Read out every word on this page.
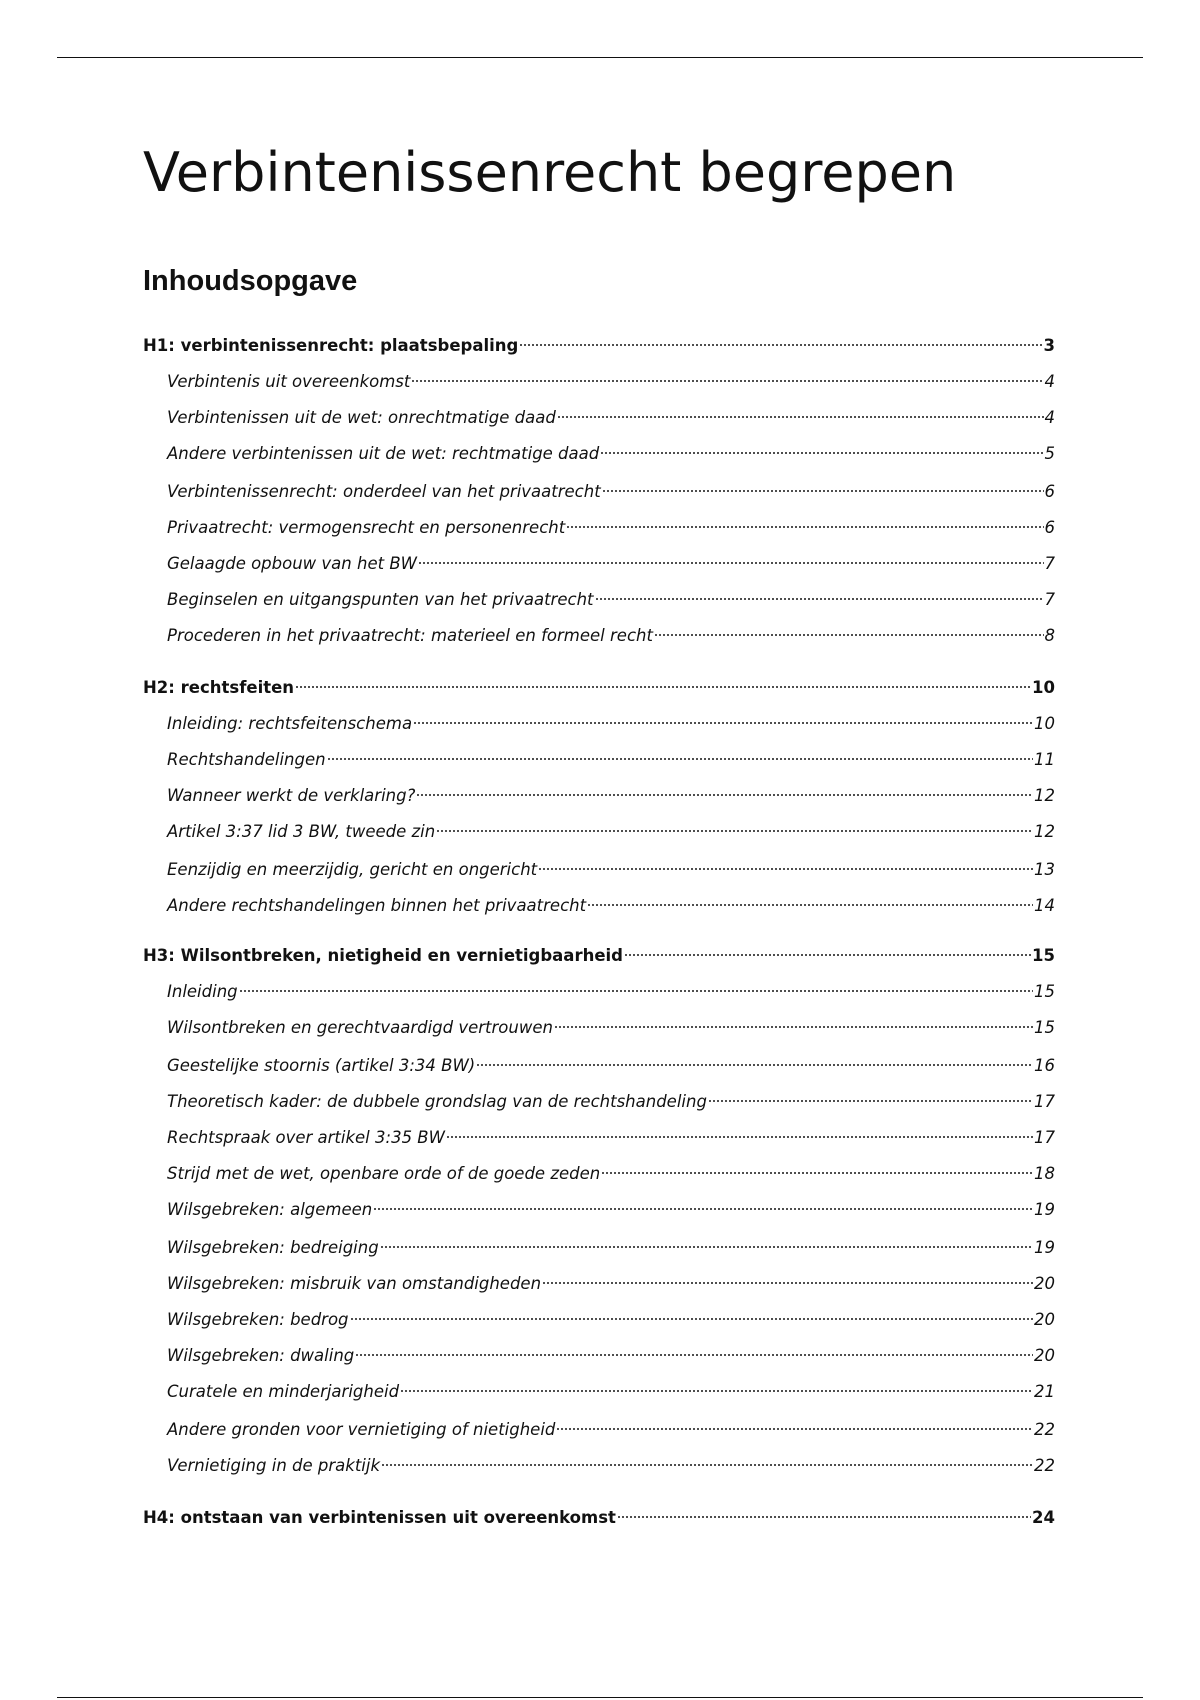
Verbintenissenrecht begrepen
Inhoudsopgave
H1: verbintenissenrecht: plaatsbepaling	3
Verbintenis uit overeenkomst	4
Verbintenissen uit de wet: onrechtmatige daad	4
Andere verbintenissen uit de wet: rechtmatige daad	5
Verbintenissenrecht: onderdeel van het privaatrecht	6
Privaatrecht: vermogensrecht en personenrecht	6
Gelaagde opbouw van het BW	7
Beginselen en uitgangspunten van het privaatrecht	7
Procederen in het privaatrecht: materieel en formeel recht	8
H2: rechtsfeiten	10
Inleiding: rechtsfeitenschema	10
Rechtshandelingen	11
Wanneer werkt de verklaring?	12
Artikel 3:37 lid 3 BW, tweede zin	12
Eenzijdig en meerzijdig, gericht en ongericht	13
Andere rechtshandelingen binnen het privaatrecht	14
H3: Wilsontbreken, nietigheid en vernietigbaarheid	15
Inleiding	15
Wilsontbreken en gerechtvaardigd vertrouwen	15
Geestelijke stoornis (artikel 3:34 BW)	16
Theoretisch kader: de dubbele grondslag van de rechtshandeling	17
Rechtspraak over artikel 3:35 BW	17
Strijd met de wet, openbare orde of de goede zeden	18
Wilsgebreken: algemeen	19
Wilsgebreken: bedreiging	19
Wilsgebreken: misbruik van omstandigheden	20
Wilsgebreken: bedrog	20
Wilsgebreken: dwaling	20
Curatele en minderjarigheid	21
Andere gronden voor vernietiging of nietigheid	22
Vernietiging in de praktijk	22
H4: ontstaan van verbintenissen uit overeenkomst	24
